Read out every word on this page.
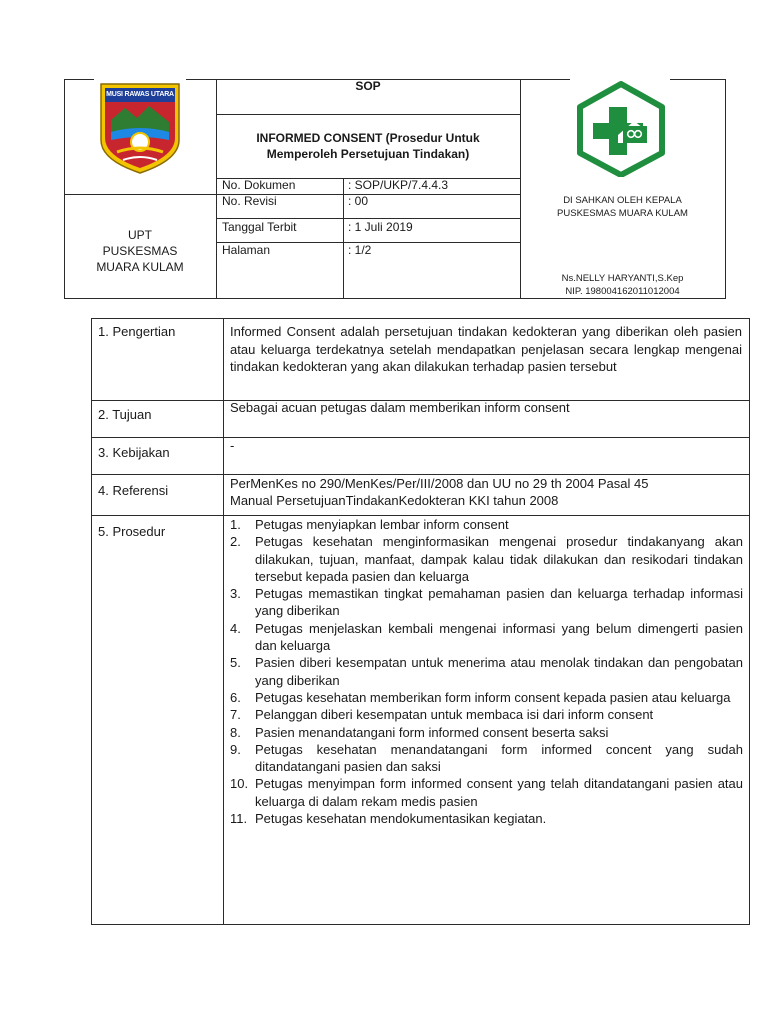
MUSI RAWAS UTARA
SOP
INFORMED CONSENT (Prosedur Untuk
Memperoleh Persetujuan Tindakan)
UPT
PUSKESMAS
MUARA KULAM
No. Dokumen	: SOP/UKP/7.4.4.3
No. Revisi	: 00
Tanggal Terbit	: 1 Juli 2019
Halaman	: 1/2
DI SAHKAN OLEH KEPALA
PUSKESMAS MUARA KULAM
Ns.NELLY HARYANTI,S.Kep
NIP. 198004162011012004
1. Pengertian	Informed Consent adalah persetujuan tindakan kedokteran yang diberikan oleh pasien atau keluarga terdekatnya setelah mendapatkan penjelasan secara lengkap mengenai tindakan kedokteran yang akan dilakukan terhadap pasien tersebut
2. Tujuan	Sebagai acuan petugas dalam memberikan inform consent
3. Kebijakan	-
4. Referensi	PerMenKes no 290/MenKes/Per/III/2008 dan UU no 29 th 2004 Pasal 45
Manual PersetujuanTindakanKedokteran KKI tahun 2008
5. Prosedur	1. Petugas menyiapkan lembar inform consent
2. Petugas kesehatan menginformasikan mengenai prosedur tindakanyang akan dilakukan, tujuan, manfaat, dampak kalau tidak dilakukan dan resikodari tindakan tersebut kepada pasien dan keluarga
3. Petugas memastikan tingkat pemahaman pasien dan keluarga terhadap informasi yang diberikan
4. Petugas menjelaskan kembali mengenai informasi yang belum dimengerti pasien dan keluarga
5. Pasien diberi kesempatan untuk menerima atau menolak tindakan dan pengobatan yang diberikan
6. Petugas kesehatan memberikan form inform consent kepada pasien atau keluarga
7. Pelanggan diberi kesempatan untuk membaca isi dari inform consent
8. Pasien menandatangani form informed consent beserta saksi
9. Petugas kesehatan menandatangani form informed concent yang sudah ditandatangani pasien dan saksi
10. Petugas menyimpan form informed consent yang telah ditandatangani pasien atau keluarga di dalam rekam medis pasien
11. Petugas kesehatan mendokumentasikan kegiatan.
